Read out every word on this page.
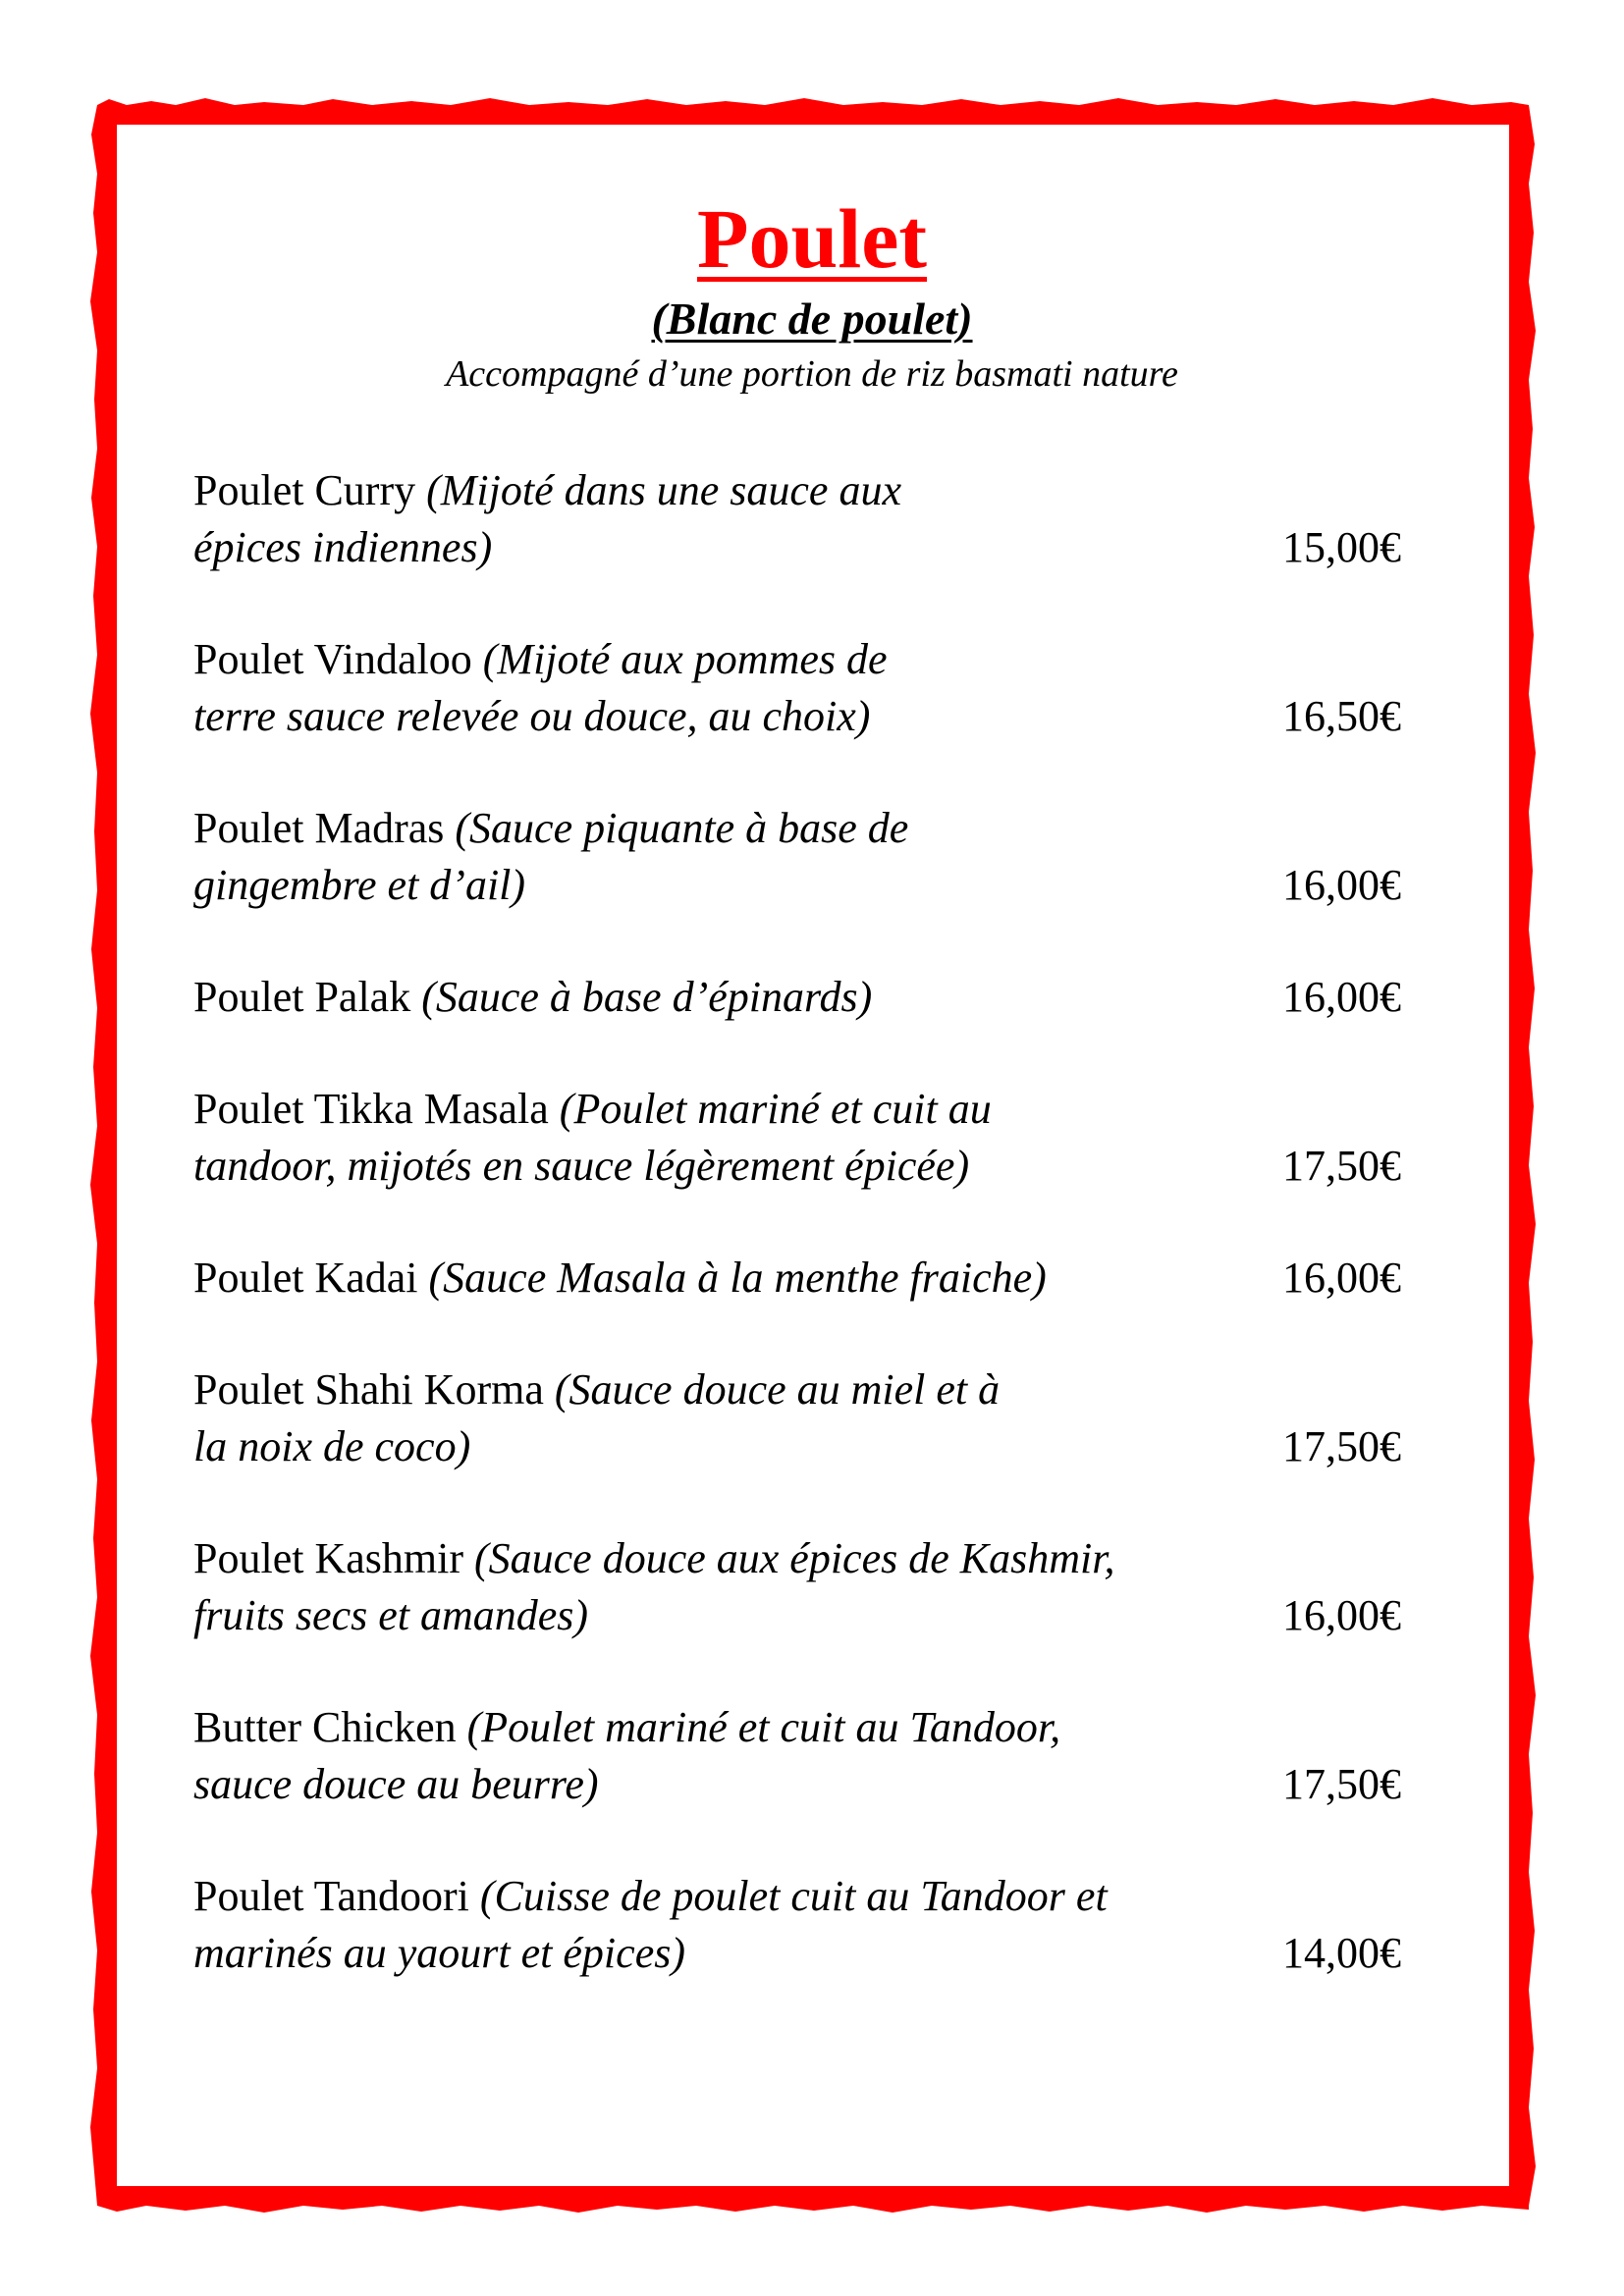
Poulet
(Blanc de poulet)
Accompagné d’une portion de riz basmati nature
Poulet Curry (Mijoté dans une sauce aux
épices indiennes)	15,00€
Poulet Vindaloo (Mijoté aux pommes de
terre sauce relevée ou douce, au choix)	16,50€
Poulet Madras (Sauce piquante à base de
gingembre et d’ail)	16,00€
Poulet Palak (Sauce à base d’épinards)	16,00€
Poulet Tikka Masala (Poulet mariné et cuit au
tandoor, mijotés en sauce légèrement épicée)	17,50€
Poulet Kadai (Sauce Masala à la menthe fraiche)	16,00€
Poulet Shahi Korma (Sauce douce au miel et à
la noix de coco)	17,50€
Poulet Kashmir (Sauce douce aux épices de Kashmir,
fruits secs et amandes)	16,00€
Butter Chicken (Poulet mariné et cuit au Tandoor,
sauce douce au beurre)	17,50€
Poulet Tandoori (Cuisse de poulet cuit au Tandoor et
marinés au yaourt et épices)	14,00€
